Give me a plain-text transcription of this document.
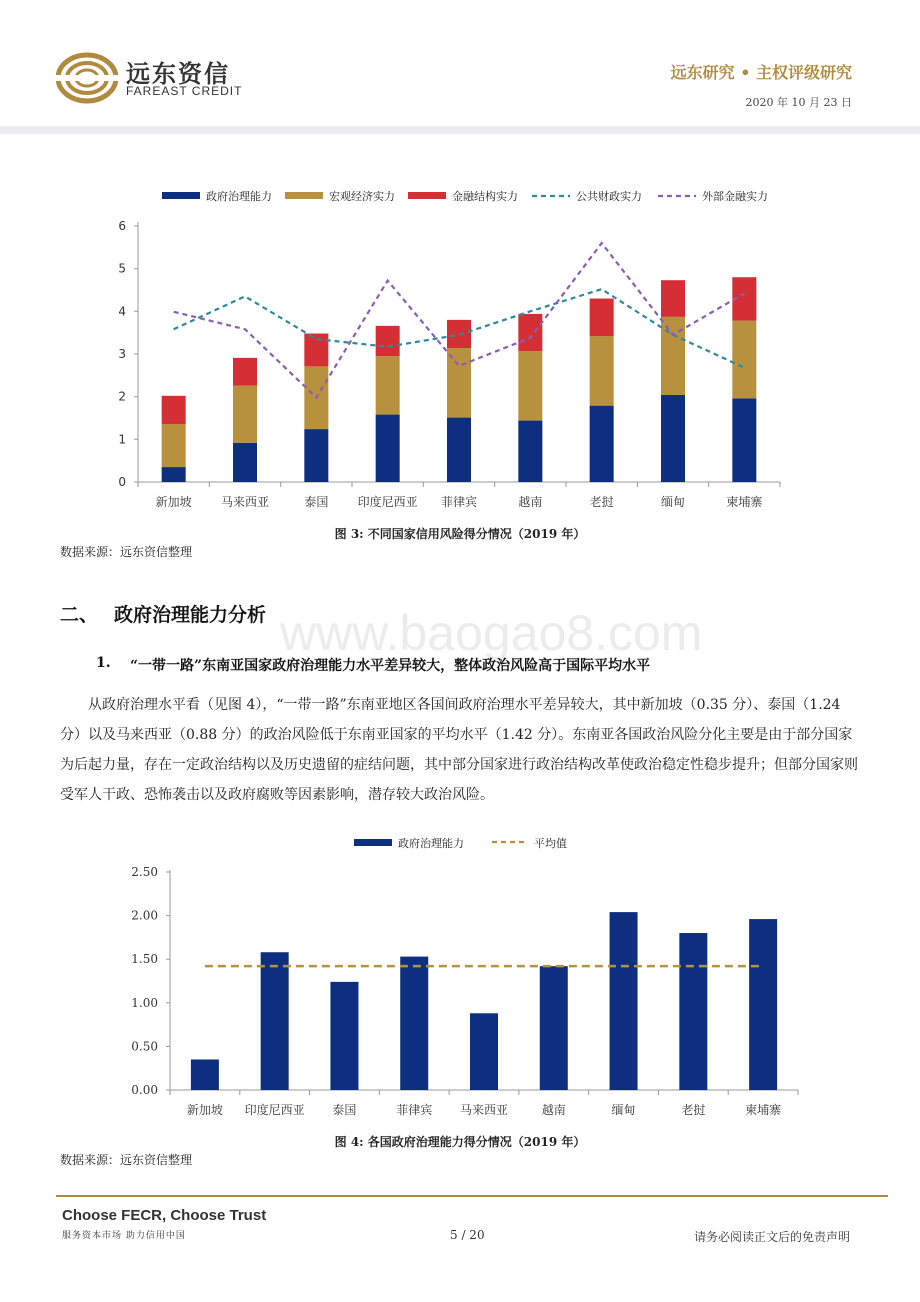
远东资信
FAREAST CREDIT
远东研究 • 主权评级研究
2020 年 10 月 23 日
www.baogao8.com
政府治理能力	宏观经济实力	金融结构实力	公共财政实力	外部金融实力
0
1
2
3
4
5
6
新加坡 马来西亚	泰国 印度尼西亚 菲律宾	越南	老挝	缅甸	柬埔寨
图 3: 不同国家信用风险得分情况（2019 年）
数据来源：远东资信整理
二、 政府治理能力分析
1. “一带一路”东南亚国家政府治理能力水平差异较大，整体政治风险高于国际平均水平
从政府治理水平看（见图 4），“一带一路”东南亚地区各国间政府治理水平差异较大，其中新加坡（0.35 分）、泰国（1.24 分）以及马来西亚（0.88 分）的政治风险低于东南亚国家的平均水平（1.42 分）。东南亚各国政治风险分化主要是由于部分国家为后起力量，存在一定政治结构以及历史遗留的症结问题，其中部分国家进行政治结构改革使政治稳定性稳步提升；但部分国家则受军人干政、恐怖袭击以及政府腐败等因素影响，潜存较大政治风险。
政府治理能力	平均值
0.00
0.50
1.00
1.50
2.00
2.50
新加坡 印度尼西亚 泰国	菲律宾 马来西亚	越南	缅甸	老挝	柬埔寨
图 4: 各国政府治理能力得分情况（2019 年）
数据来源：远东资信整理
Choose FECR, Choose Trust
服务资本市场 助力信用中国	5 / 20	请务必阅读正文后的免责声明
